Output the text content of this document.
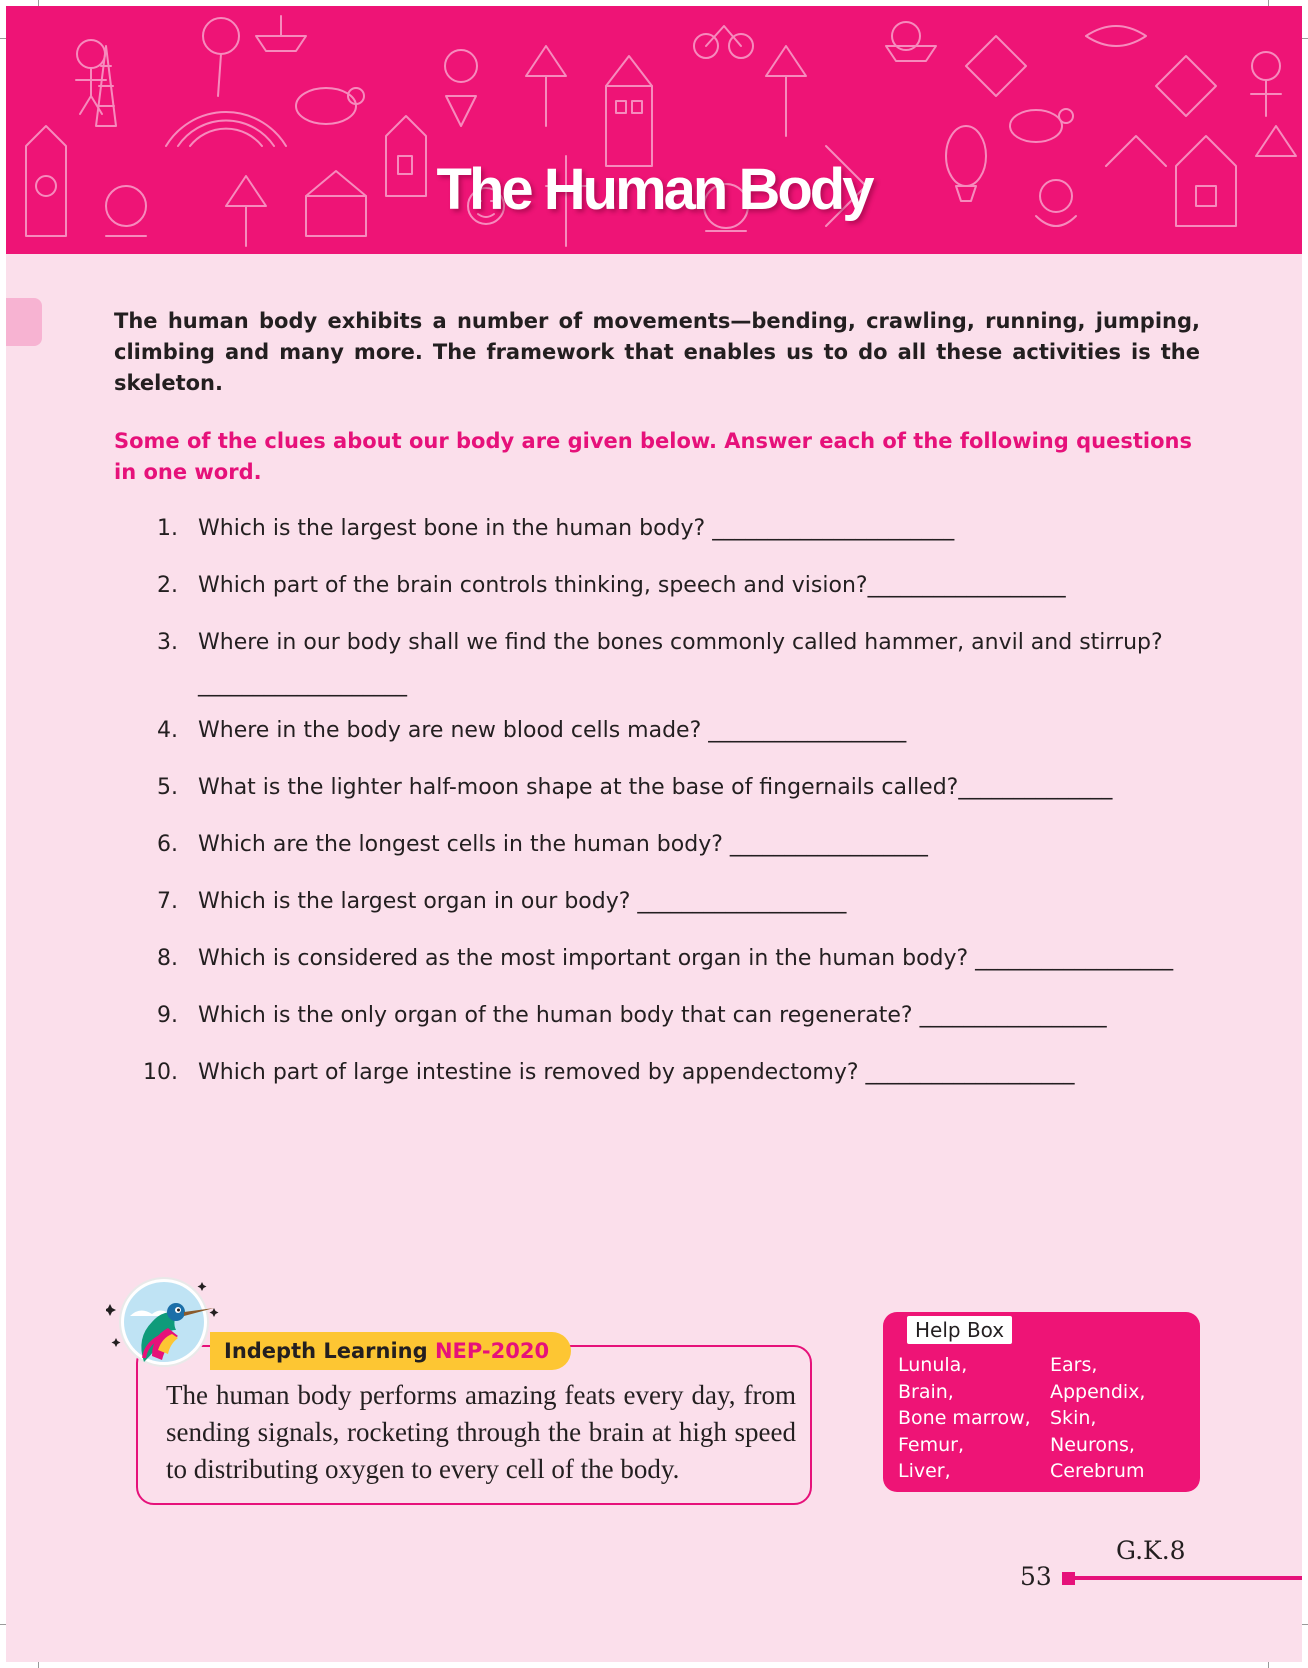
The Human Body

The human body exhibits a number of movements—bending, crawling, running, jumping, climbing and many more. The framework that enables us to do all these activities is the skeleton.

Some of the clues about our body are given below. Answer each of the following questions in one word.

1. Which is the largest bone in the human body? ______________________
2. Which part of the brain controls thinking, speech and vision?__________________
3. Where in our body shall we find the bones commonly called hammer, anvil and stirrup? ___________________
4. Where in the body are new blood cells made? __________________
5. What is the lighter half-moon shape at the base of fingernails called?______________
6. Which are the longest cells in the human body? __________________
7. Which is the largest organ in our body? ___________________
8. Which is considered as the most important organ in the human body? __________________
9. Which is the only organ of the human body that can regenerate? _________________
10. Which part of large intestine is removed by appendectomy? ___________________

The human body performs amazing feats every day, from sending signals, rocketing through the brain at high speed to distributing oxygen to every cell of the body.

Indepth Learning NEP-2020
Help Box
Lunula,
Brain,
Bone marrow,
Femur,
Liver,
Ears,
Appendix,
Skin,
Neurons,
Cerebrum
G.K.8
53
